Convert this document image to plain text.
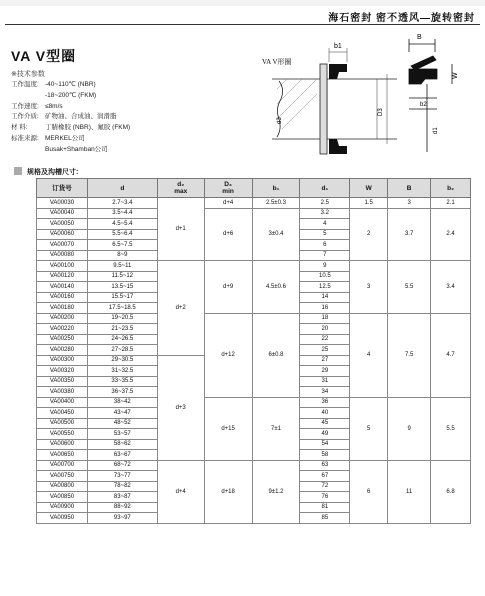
海石密封 密不透风—旋转密封
VA V型圈
※技术参数
工作温度: -40~110℃ (NBR)
-18~200℃ (FKM)
工作速度: ≤8m/s
工作介质: 矿物油、合成油、润滑脂
材 料:	丁腈橡胶 (NBR)、氟胶 (FKM)
标准来源: MERKEL公司
Busak+Shamban公司
VA V形圈
b1
d3
D3
B
W
b2
d1
规格及沟槽尺寸:
订货号	d	d₂
max	D₃
min	b₁	d₁	W	B	b₂
VA00030	2.7~3.4	d+1	d+4	2.5±0.3	2.5	1.5	3	2.1
VA00040	3.5~4.4		d+6	3±0.4	3.2	2	3.7	2.4
VA00050	4.5~5.4				4			
VA00060	5.5~6.4				5			
VA00070	6.5~7.5				6			
VA00080	8~9				7			
VA00100	9.5~11	d+2	d+9	4.5±0.6	9	3	5.5	3.4
VA00120	11.5~12				10.5			
VA00140	13.5~15				12.5			
VA00160	15.5~17				14			
VA00180	17.5~18.5				16			
VA00200	19~20.5		d+12	6±0.8	18	4	7.5	4.7
VA00220	21~23.5				20			
VA00250	24~26.5				22			
VA00280	27~28.5				25			
VA00300	29~30.5	d+3			27			
VA00320	31~32.5				29			
VA00350	33~35.5				31			
VA00380	36~37.5				34			
VA00400	38~42		d+15	7±1	36	5	9	5.5
VA00450	43~47				40			
VA00500	48~52				45			
VA00550	53~57				49			
VA00600	58~62				54			
VA00650	63~67				58			
VA00700	68~72	d+4	d+18	9±1.2	63	6	11	6.8
VA00750	73~77				67			
VA00800	78~82				72			
VA00850	83~87				76			
VA00900	88~92				81			
VA00950	93~97				85			
